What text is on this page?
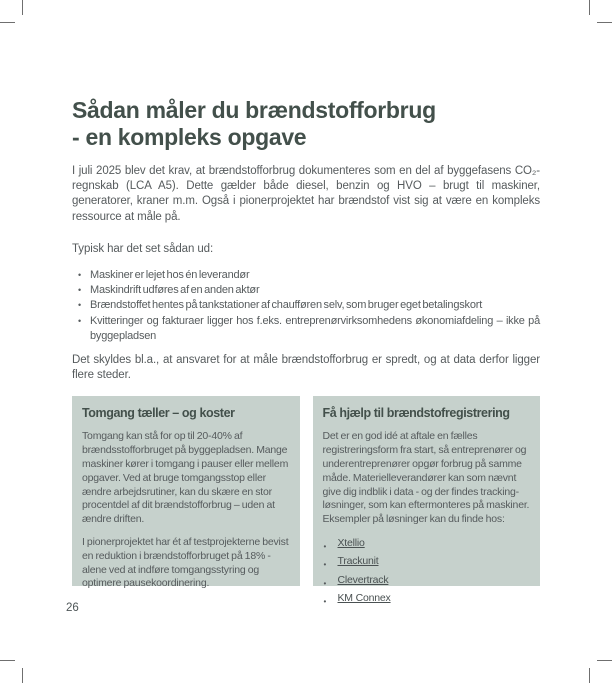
Sådan måler du brændstofforbrug
- en kompleks opgave

I juli 2025 blev det krav, at brændstofforbrug dokumenteres som en del af byggefasens CO₂-regnskab (LCA A5). Dette gælder både diesel, benzin og HVO – brugt til maskiner, generatorer, kraner m.m. Også i pionerprojektet har brændstof vist sig at være en kompleks ressource at måle på.

Typisk har det set sådan ud:

•
Maskiner er lejet hos én leverandør
•
Maskindrift udføres af en anden aktør
•
Brændstoffet hentes på tankstationer af chaufføren selv, som bruger eget betalingskort
•
Kvitteringer og fakturaer ligger hos f.eks. entreprenørvirksomhedens økonomiafdeling – ikke på byggepladsen

Det skyldes bl.a., at ansvaret for at måle brændstofforbrug er spredt, og at data derfor ligger flere steder.

Tomgang tæller – og koster

Tomgang kan stå for op til 20-40% af brændsstofforbruget på byggepladsen. Mange maskiner kører i tomgang i pauser eller mellem opgaver. Ved at bruge tomgangsstop eller ændre arbejdsrutiner, kan du skære en stor procentdel af dit brændstofforbrug – uden at ændre driften.

I pionerprojektet har ét af testprojekterne bevist en reduktion i brændstofforbruget på 18% - alene ved at indføre tomgangsstyring og optimere pausekoordinering.

Få hjælp til brændstofregistrering

Det er en god idé at aftale en fælles registreringsform fra start, så entreprenører og underentreprenører opgør forbrug på samme måde. Materielleverandører kan som nævnt give dig indblik i data - og der findes tracking-løsninger, som kan eftermonteres på maskiner. Eksempler på løsninger kan du finde hos:

•
Xtellio
•
Trackunit
•
Clevertrack
•
KM Connex
26
